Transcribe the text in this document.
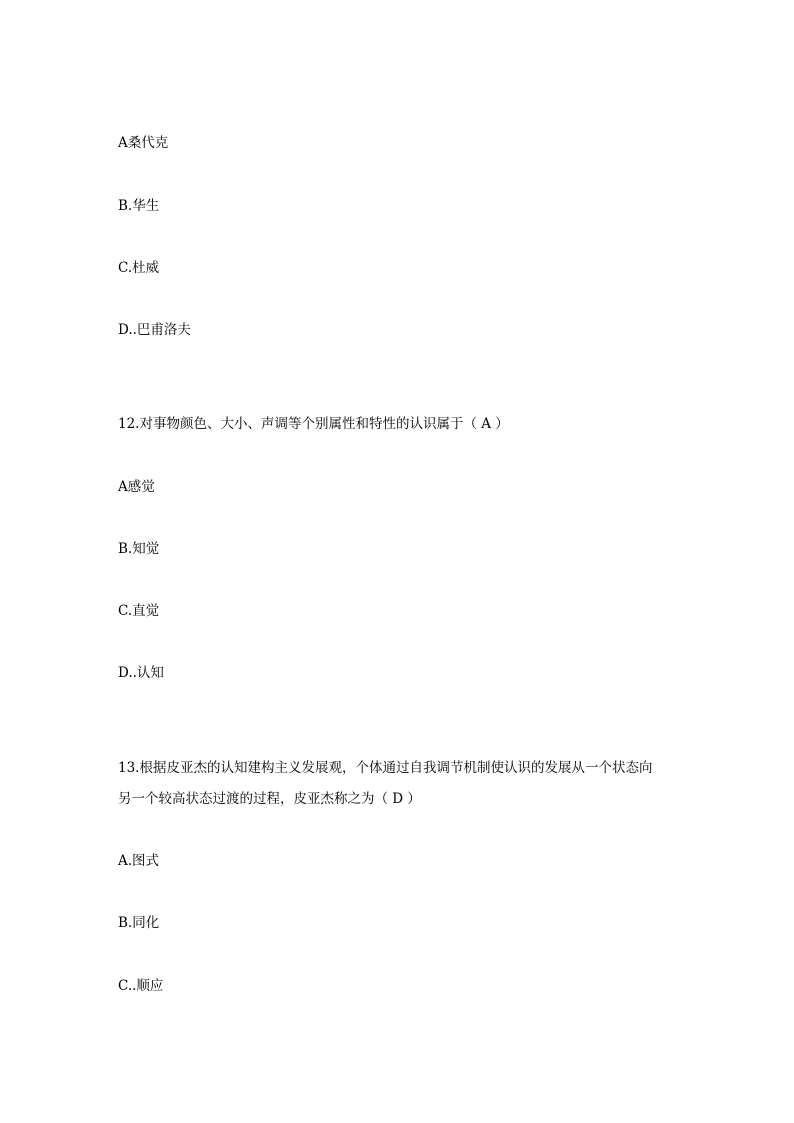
A桑代克
B.华生
C.杜威
D..巴甫洛夫
12.对事物颜色、大小、声调等个别属性和特性的认识属于（ A ）
A感觉
B.知觉
C.直觉
D..认知
13.根据皮亚杰的认知建构主义发展观，个体通过自我调节机制使认识的发展从一个状态向
另一个较高状态过渡的过程，皮亚杰称之为（ D ）
A.图式
B.同化
C..顺应
